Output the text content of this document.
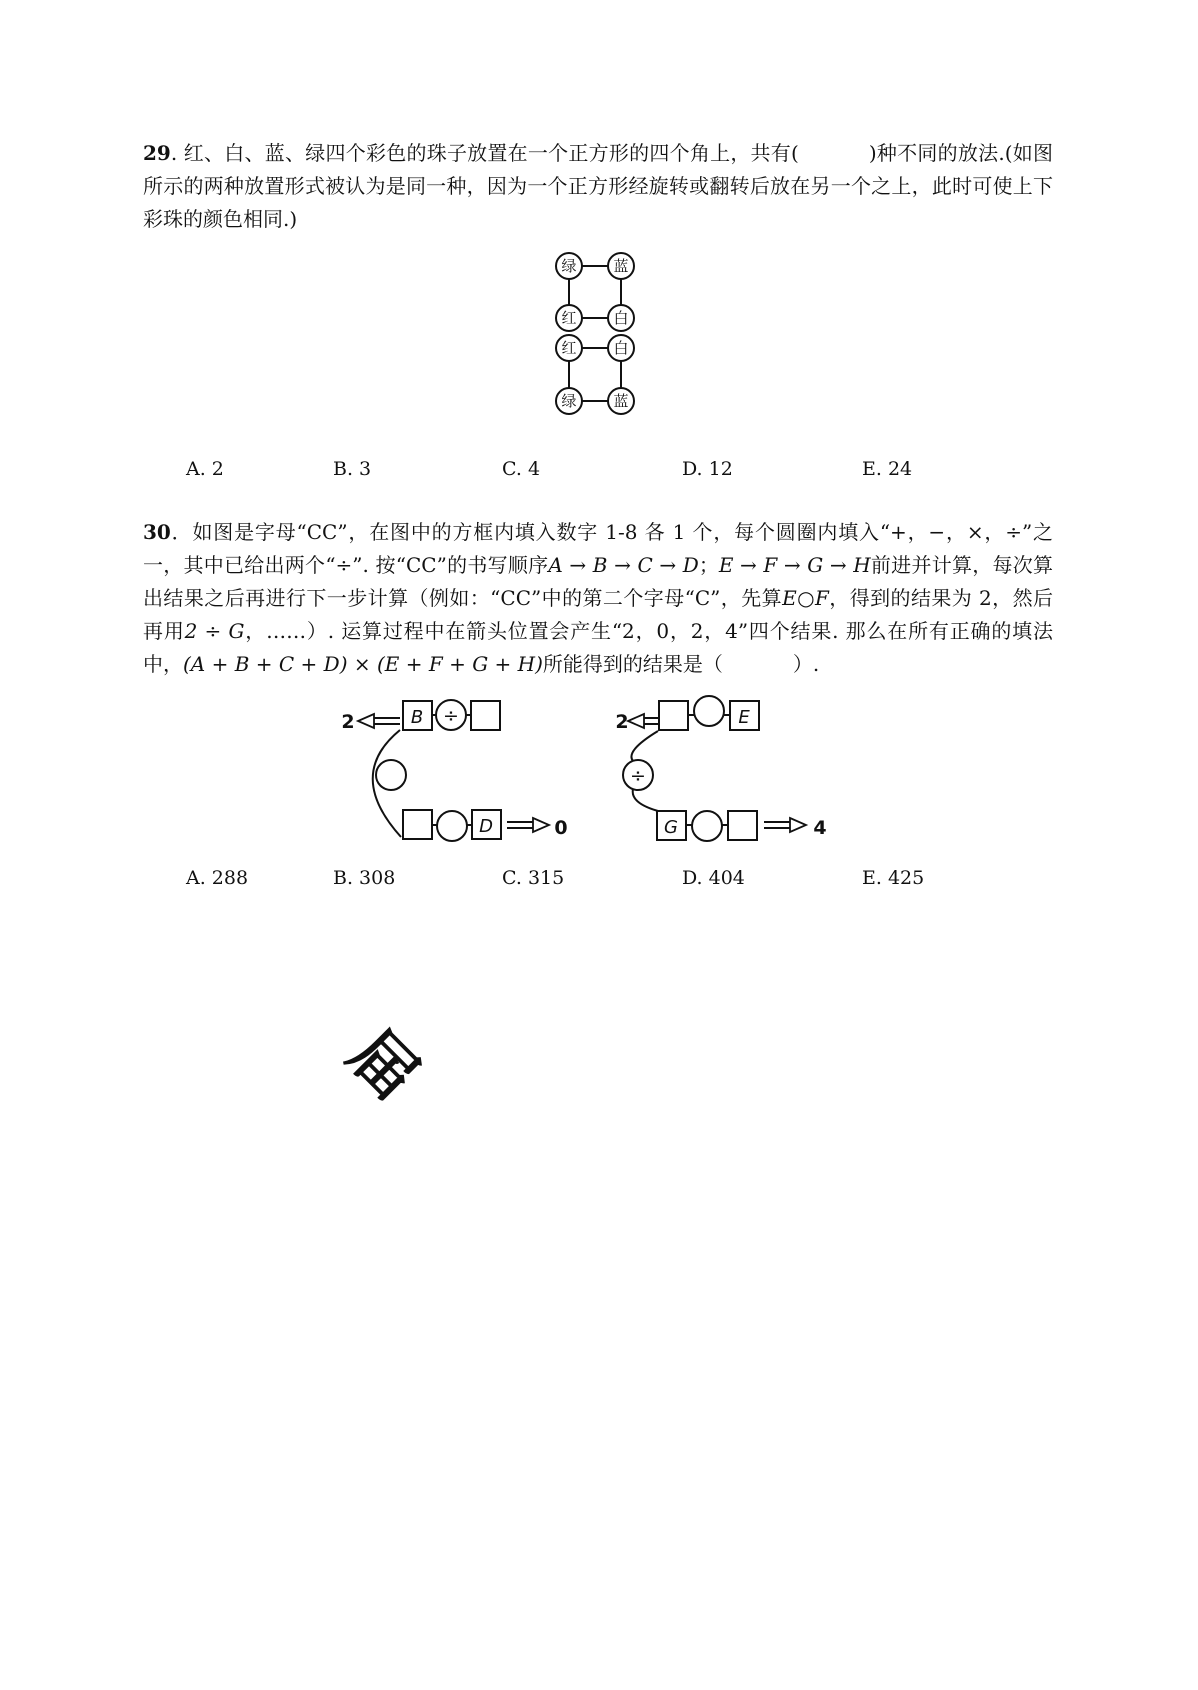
29. 红、白、蓝、绿四个彩色的珠子放置在一个正方形的四个角上，共有(	)种不同的放法.(如图所示的两种放置形式被认为是同一种，因为一个正方形经旋转或翻转后放在另一个之上，此时可使上下彩珠的颜色相同.)

绿 蓝
红 白
红 白
绿 蓝
A. 2	B. 3	C. 4	D. 12	E. 24

30．如图是字母“CC”，在图中的方框内填入数字 1-8 各 1 个，每个圆圈内填入“+，−，×，÷”之一，其中已给出两个“÷”. 按“CC”的书写顺序A → B → C → D；E → F → G → H前进并计算，每次算出结果之后再进行下一步计算（例如：“CC”中的第二个字母“C”，先算E○F，得到的结果为 2，然后再用2 ÷ G，……）. 运算过程中在箭头位置会产生“2，0，2，4”四个结果. 那么在所有正确的填法中，(A + B + C + D) × (E + F + G + H)所能得到的结果是（	）.

2	B ÷
D	0
2	E
÷
G	4
A. 288	B. 308	C. 315	D. 404	E. 425
届
